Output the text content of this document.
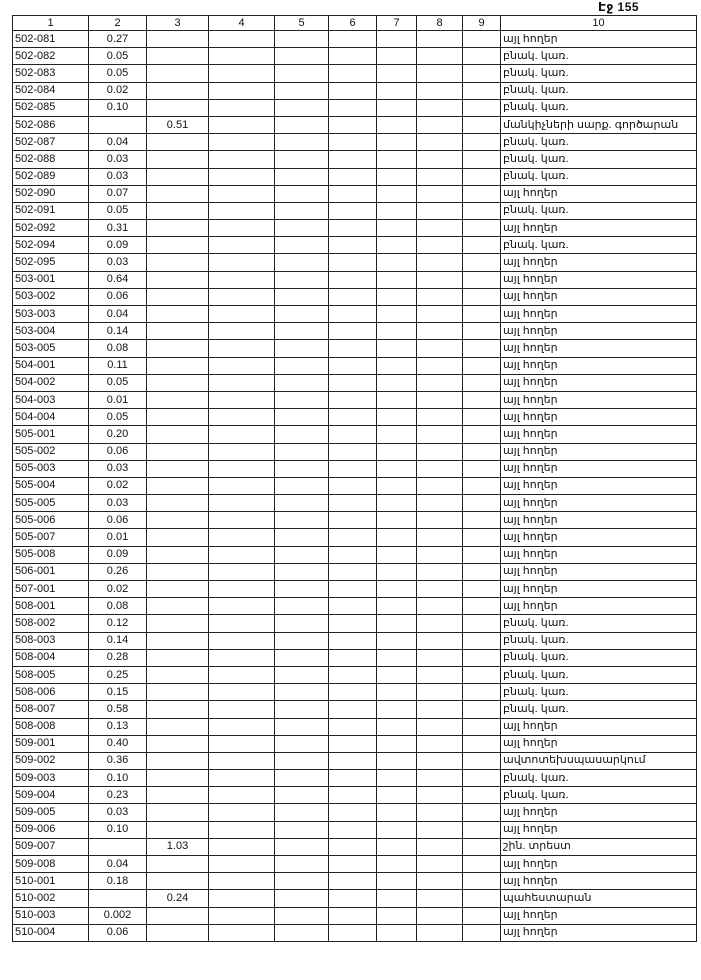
Էջ 155
1	2	3	4	5	6	7	8	9	10
502-081	0.27								այլ հողեր
502-082	0.05								բնակ. կառ.
502-083	0.05								բնակ. կառ.
502-084	0.02								բնակ. կառ.
502-085	0.10								բնակ. կառ.
502-086		0.51							մանկիչների սարք. գործարան
502-087	0.04								բնակ. կառ.
502-088	0.03								բնակ. կառ.
502-089	0.03								բնակ. կառ.
502-090	0.07								այլ հողեր
502-091	0.05								բնակ. կառ.
502-092	0.31								այլ հողեր
502-094	0.09								բնակ. կառ.
502-095	0.03								այլ հողեր
503-001	0.64								այլ հողեր
503-002	0.06								այլ հողեր
503-003	0.04								այլ հողեր
503-004	0.14								այլ հողեր
503-005	0.08								այլ հողեր
504-001	0.11								այլ հողեր
504-002	0.05								այլ հողեր
504-003	0.01								այլ հողեր
504-004	0.05								այլ հողեր
505-001	0.20								այլ հողեր
505-002	0.06								այլ հողեր
505-003	0.03								այլ հողեր
505-004	0.02								այլ հողեր
505-005	0.03								այլ հողեր
505-006	0.06								այլ հողեր
505-007	0.01								այլ հողեր
505-008	0.09								այլ հողեր
506-001	0.26								այլ հողեր
507-001	0.02								այլ հողեր
508-001	0.08								այլ հողեր
508-002	0.12								բնակ. կառ.
508-003	0.14								բնակ. կառ.
508-004	0.28								բնակ. կառ.
508-005	0.25								բնակ. կառ.
508-006	0.15								բնակ. կառ.
508-007	0.58								բնակ. կառ.
508-008	0.13								այլ հողեր
509-001	0.40								այլ հողեր
509-002	0.36								ավտոտեխսպասարկում
509-003	0.10								բնակ. կառ.
509-004	0.23								բնակ. կառ.
509-005	0.03								այլ հողեր
509-006	0.10								այլ հողեր
509-007		1.03							շին. տրեստ
509-008	0.04								այլ հողեր
510-001	0.18								այլ հողեր
510-002		0.24							պահեստարան
510-003	0.002								այլ հողեր
510-004	0.06								այլ հողեր
